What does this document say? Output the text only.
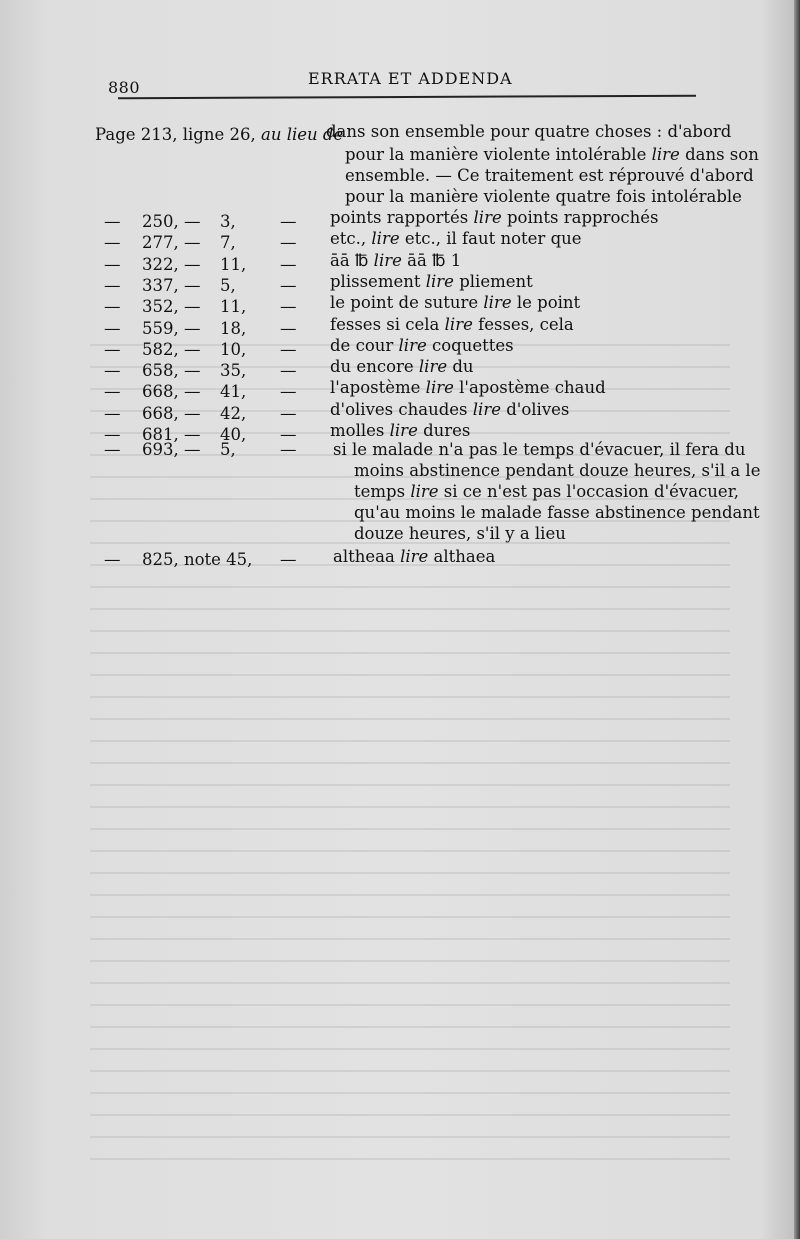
880	ERRATA ET ADDENDA
Page 213, ligne 26, au lieu de
dans son ensemble pour quatre choses : d'abord
pour la manière violente intolérable lire dans son
ensemble. — Ce traitement est réprouvé d'abord
pour la manière violente quatre fois intolérable
— 250, — 3,	— points rapportés lire points rapprochés
— 277, — 7,	— etc., lire etc., il faut noter que
— 322, — 11, — āā ℔ lire āā ℔ 1
— 337, — 5,	— plissement lire pliement
— 352, — 11, — le point de suture lire le point
— 559, — 18, — fesses si cela lire fesses, cela
— 582, — 10, — de cour lire coquettes
— 658, — 35, — du encore lire du
— 668, — 41, — l'apostème lire l'apostème chaud
— 668, — 42, — d'olives chaudes lire d'olives
— 681, — 40, — molles lire dures
— 693, — 5,	— si le malade n'a pas le temps d'évacuer, il fera du
moins abstinence pendant douze heures, s'il a le
temps lire si ce n'est pas l'occasion d'évacuer,
qu'au moins le malade fasse abstinence pendant
douze heures, s'il y a lieu
— 825, note 45, — altheaa lire althaea
